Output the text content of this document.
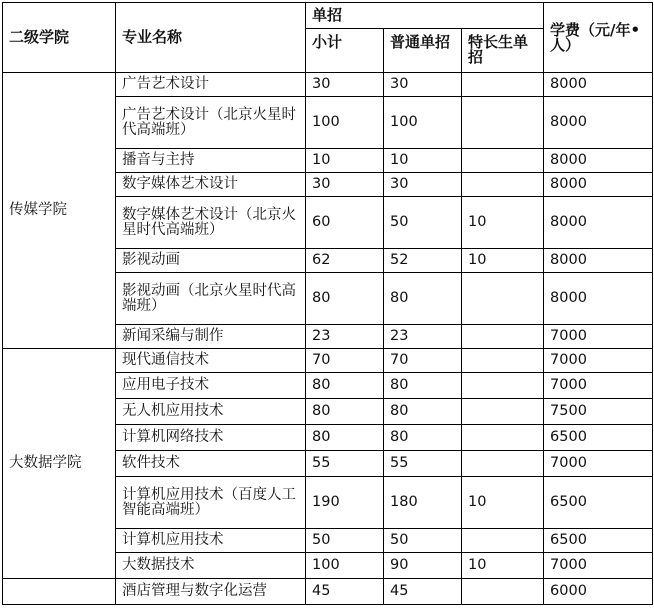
二级学院	专业名称	单招			学费（元/年•人）
		小计	普通单招	特长生单招	
传媒学院	广告艺术设计	30	30		8000
	广告艺术设计（北京火星时代高端班）	100	100		8000
	播音与主持	10	10		8000
	数字媒体艺术设计	30	30		8000
	数字媒体艺术设计（北京火星时代高端班）	60	50	10	8000
	影视动画	62	52	10	8000
	影视动画（北京火星时代高端班）	80	80		8000
	新闻采编与制作	23	23		7000
大数据学院	现代通信技术	70	70		7000
	应用电子技术	80	80		7000
	无人机应用技术	80	80		7500
	计算机网络技术	80	80		6500
	软件技术	55	55		7000
	计算机应用技术（百度人工智能高端班）	190	180	10	6500
	计算机应用技术	50	50		6500
	大数据技术	100	90	10	7000
	酒店管理与数字化运营	45	45		6000
